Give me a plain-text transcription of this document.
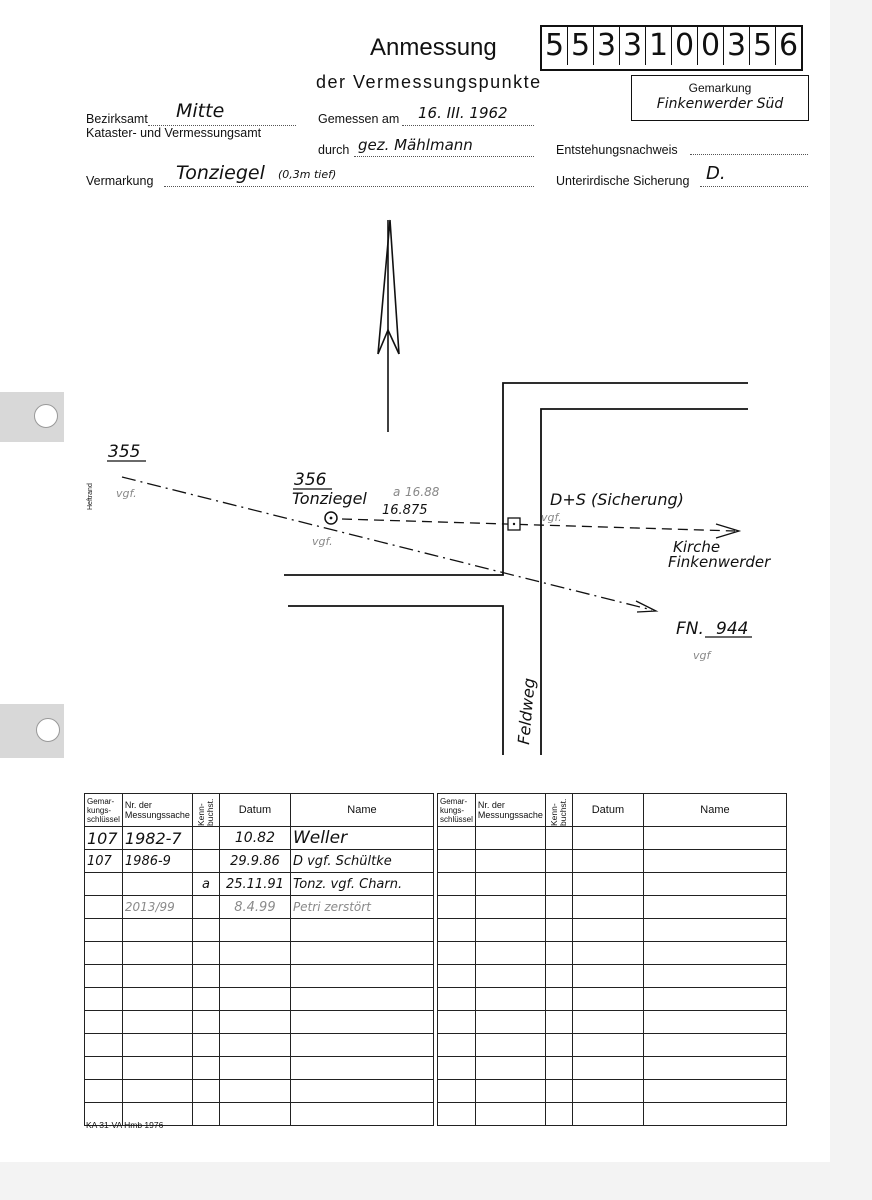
Anmessung
der Vermessungspunkte
5 5 3 3 1 0 0 3 5 6
Gemarkung
Finkenwerder Süd
Bezirksamt Mitte
Kataster- und Vermessungsamt
Gemessen am 16. III. 1962
durch gez. Mählmann	Entstehungsnachweis
Vermarkung Tonziegel (0,3m tief)	Unterirdische Sicherung D.
Heftrand
355
vgf.
356
Tonziegel
vgf.
a 16.88
16.875
D+S (Sicherung)
vgf.
Kirche
Finkenwerder
FN. 944
vgf
Feldweg
Gemar-kungs-schlüssel	Nr. der Messungssache	Kenn-buchst.	Datum	Name
107	1982-7		10.82	Weller
107	1986-9		29.9.86	D vgf. Schültke
		a	25.11.91	Tonz. vgf. Charn.
	2013/99		8.4.99	Petri zerstört

Gemar-kungs-schlüssel	Nr. der Messungssache	Kenn-buchst.	Datum	Name

KA 31-VA Hmb 1976
